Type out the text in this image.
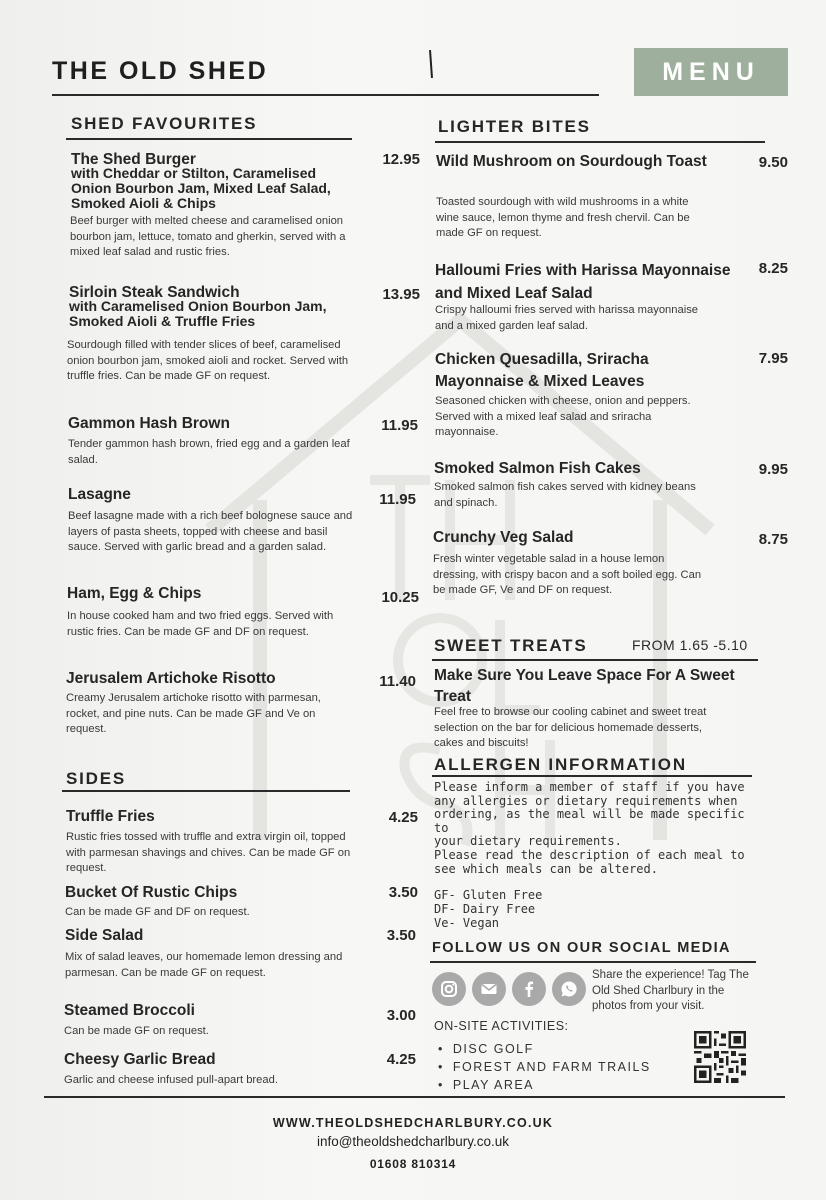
THE OLD SHED	MENU
SHED FAVOURITES
The Shed Burger
with Cheddar or Stilton, Caramelised Onion Bourbon Jam, Mixed Leaf Salad, Smoked Aioli & Chips
12.95
Beef burger with melted cheese and caramelised onion bourbon jam, lettuce, tomato and gherkin, served with a mixed leaf salad and rustic fries.
Sirloin Steak Sandwich
with Caramelised Onion Bourbon Jam, Smoked Aioli & Truffle Fries
13.95
Sourdough filled with tender slices of beef, caramelised onion bourbon jam, smoked aioli and rocket. Served with truffle fries. Can be made GF on request.
Gammon Hash Brown	11.95
Tender gammon hash brown, fried egg and a garden leaf salad.
Lasagne	11.95
Beef lasagne made with a rich beef bolognese sauce and layers of pasta sheets, topped with cheese and basil sauce. Served with garlic bread and a garden salad.
Ham, Egg & Chips	10.25
In house cooked ham and two fried eggs. Served with rustic fries. Can be made GF and DF on request.
Jerusalem Artichoke Risotto	11.40
Creamy Jerusalem artichoke risotto with parmesan, rocket, and pine nuts. Can be made GF and Ve on request.
SIDES
Truffle Fries	4.25
Rustic fries tossed with truffle and extra virgin oil, topped with parmesan shavings and chives. Can be made GF on request.
Bucket Of Rustic Chips	3.50
Can be made GF and DF on request.
Side Salad	3.50
Mix of salad leaves, our homemade lemon dressing and parmesan. Can be made GF on request.
Steamed Broccoli	3.00
Can be made GF on request.
Cheesy Garlic Bread	4.25
Garlic and cheese infused pull-apart bread.
LIGHTER BITES
Wild Mushroom on Sourdough Toast	9.50
Toasted sourdough with wild mushrooms in a white wine sauce, lemon thyme and fresh chervil. Can be made GF on request.
Halloumi Fries with Harissa Mayonnaise and Mixed Leaf Salad
8.25
Crispy halloumi fries served with harissa mayonnaise and a mixed garden leaf salad.
Chicken Quesadilla, Sriracha Mayonnaise & Mixed Leaves
7.95
Seasoned chicken with cheese, onion and peppers. Served with a mixed leaf salad and sriracha mayonnaise.
Smoked Salmon Fish Cakes	9.95
Smoked salmon fish cakes served with kidney beans and spinach.
Crunchy Veg Salad	8.75
Fresh winter vegetable salad in a house lemon dressing, with crispy bacon and a soft boiled egg. Can be made GF, Ve and DF on request.
SWEET TREATS	FROM 1.65 -5.10
Make Sure You Leave Space For A Sweet Treat
Feel free to browse our cooling cabinet and sweet treat selection on the bar for delicious homemade desserts, cakes and biscuits!
ALLERGEN INFORMATION
Please inform a member of staff if you have
any allergies or dietary requirements when
ordering, as the meal will be made specific to
your dietary requirements.
Please read the description of each meal to
see which meals can be altered.
GF- Gluten Free
DF- Dairy Free
Ve- Vegan
FOLLOW US ON OUR SOCIAL MEDIA
Share the experience! Tag The Old Shed Charlbury in the photos from your visit.
ON-SITE ACTIVITIES:
• DISC GOLF
• FOREST AND FARM TRAILS
• PLAY AREA
WWW.THEOLDSHEDCHARLBURY.CO.UK
info@theoldshedcharlbury.co.uk
01608 810314
